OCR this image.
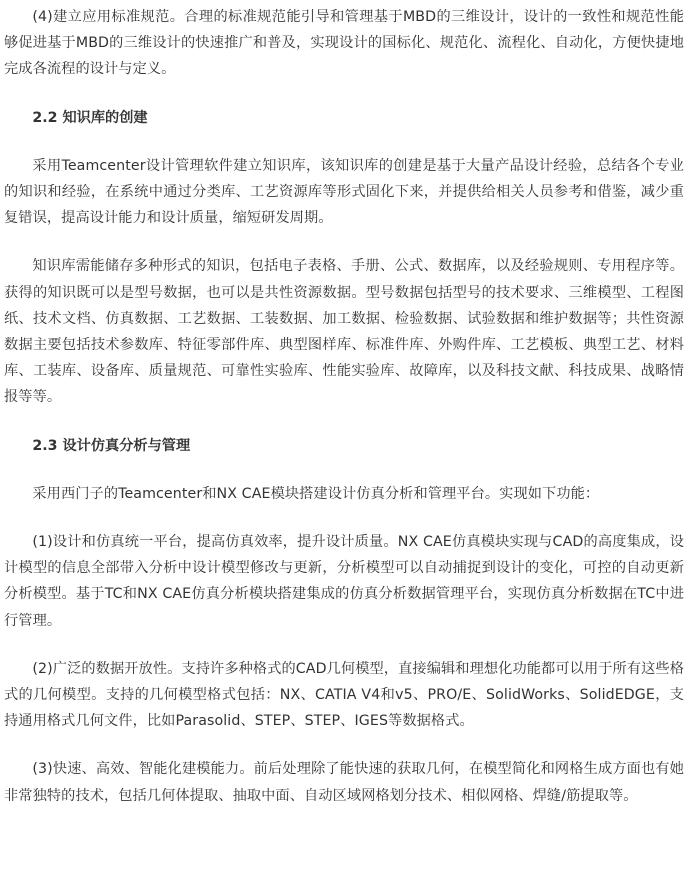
(4)建立应用标准规范。合理的标准规范能引导和管理基于MBD的三维设计，设计的一致性和规范性能够促进基于MBD的三维设计的快速推广和普及，实现设计的国标化、规范化、流程化、自动化，方便快捷地完成各流程的设计与定义。

2.2 知识库的创建

采用Teamcenter设计管理软件建立知识库，该知识库的创建是基于大量产品设计经验，总结各个专业的知识和经验，在系统中通过分类库、工艺资源库等形式固化下来，并提供给相关人员参考和借鉴，减少重复错误，提高设计能力和设计质量，缩短研发周期。

知识库需能储存多种形式的知识，包括电子表格、手册、公式、数据库，以及经验规则、专用程序等。获得的知识既可以是型号数据，也可以是共性资源数据。型号数据包括型号的技术要求、三维模型、工程图纸、技术文档、仿真数据、工艺数据、工装数据、加工数据、检验数据、试验数据和维护数据等；共性资源数据主要包括技术参数库、特征零部件库、典型图样库、标准件库、外购件库、工艺模板、典型工艺、材料库、工装库、设备库、质量规范、可靠性实验库、性能实验库、故障库，以及科技文献、科技成果、战略情报等等。

2.3 设计仿真分析与管理

采用西门子的Teamcenter和NX CAE模块搭建设计仿真分析和管理平台。实现如下功能：

(1)设计和仿真统一平台，提高仿真效率，提升设计质量。NX CAE仿真模块实现与CAD的高度集成，设计模型的信息全部带入分析中设计模型修改与更新，分析模型可以自动捕捉到设计的变化，可控的自动更新分析模型。基于TC和NX CAE仿真分析模块搭建集成的仿真分析数据管理平台，实现仿真分析数据在TC中进行管理。

(2)广泛的数据开放性。支持许多种格式的CAD几何模型，直接编辑和理想化功能都可以用于所有这些格式的几何模型。支持的几何模型格式包括：NX、CATIA V4和v5、PRO/E、SolidWorks、SolidEDGE，支持通用格式几何文件，比如Parasolid、STEP、STEP、IGES等数据格式。

(3)快速、高效、智能化建模能力。前后处理除了能快速的获取几何，在模型简化和网格生成方面也有她非常独特的技术，包括几何体提取、抽取中面、自动区域网格划分技术、相似网格、焊缝/筋提取等。
